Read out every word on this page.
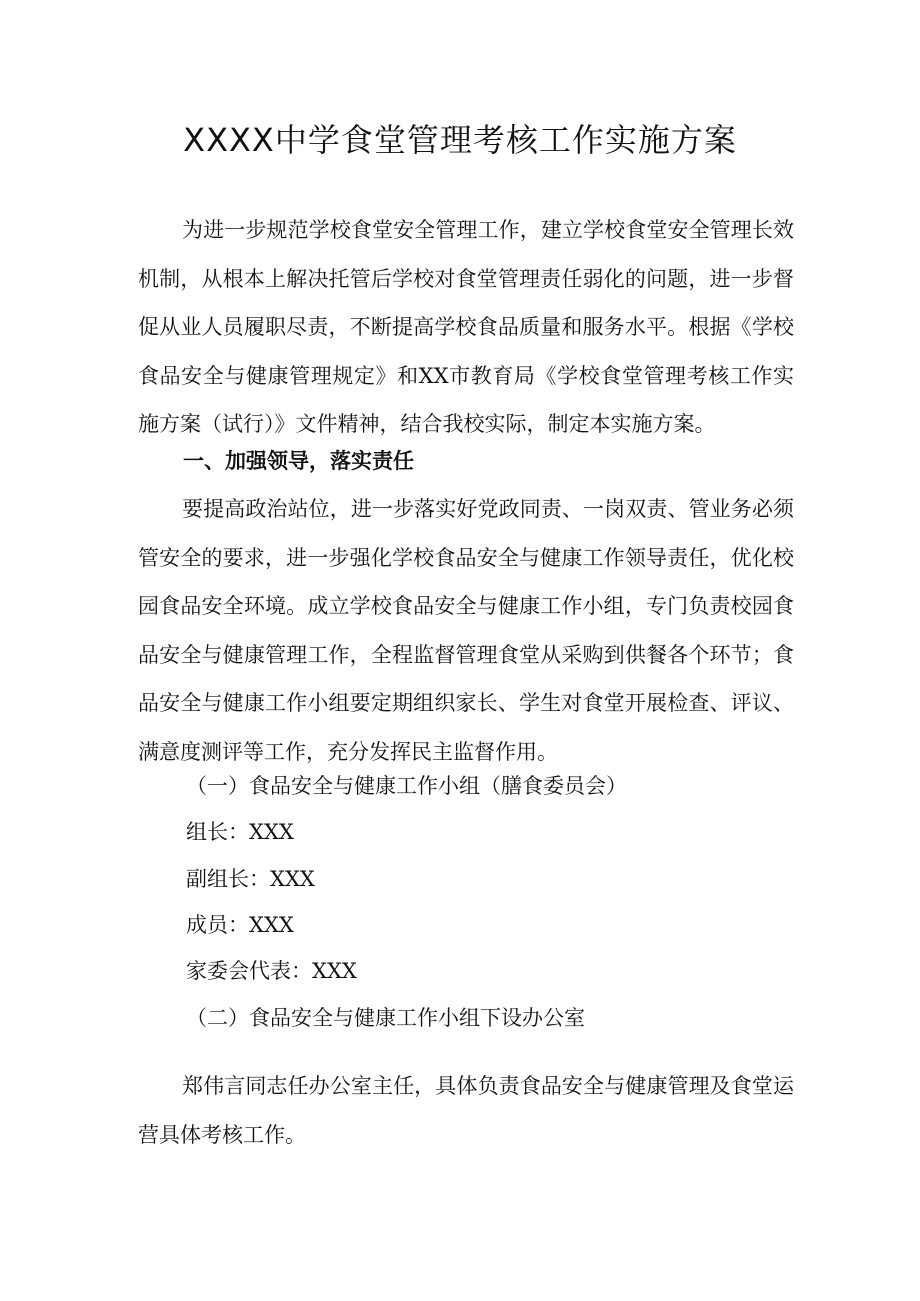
XXXX中学食堂管理考核工作实施方案

为进一步规范学校食堂安全管理工作，建立学校食堂安全管理长效机制，从根本上解决托管后学校对食堂管理责任弱化的问题，进一步督促从业人员履职尽责，不断提高学校食品质量和服务水平。根据《学校食品安全与健康管理规定》和XX市教育局《学校食堂管理考核工作实施方案（试行）》文件精神，结合我校实际，制定本实施方案。

一、加强领导，落实责任

要提高政治站位，进一步落实好党政同责、一岗双责、管业务必须管安全的要求，进一步强化学校食品安全与健康工作领导责任，优化校园食品安全环境。成立学校食品安全与健康工作小组，专门负责校园食品安全与健康管理工作，全程监督管理食堂从采购到供餐各个环节；食品安全与健康工作小组要定期组织家长、学生对食堂开展检查、评议、满意度测评等工作，充分发挥民主监督作用。

（一）食品安全与健康工作小组（膳食委员会）
组长：XXX
副组长：XXX
成员：XXX
家委会代表：XXX
（二）食品安全与健康工作小组下设办公室

郑伟言同志任办公室主任，具体负责食品安全与健康管理及食堂运营具体考核工作。
